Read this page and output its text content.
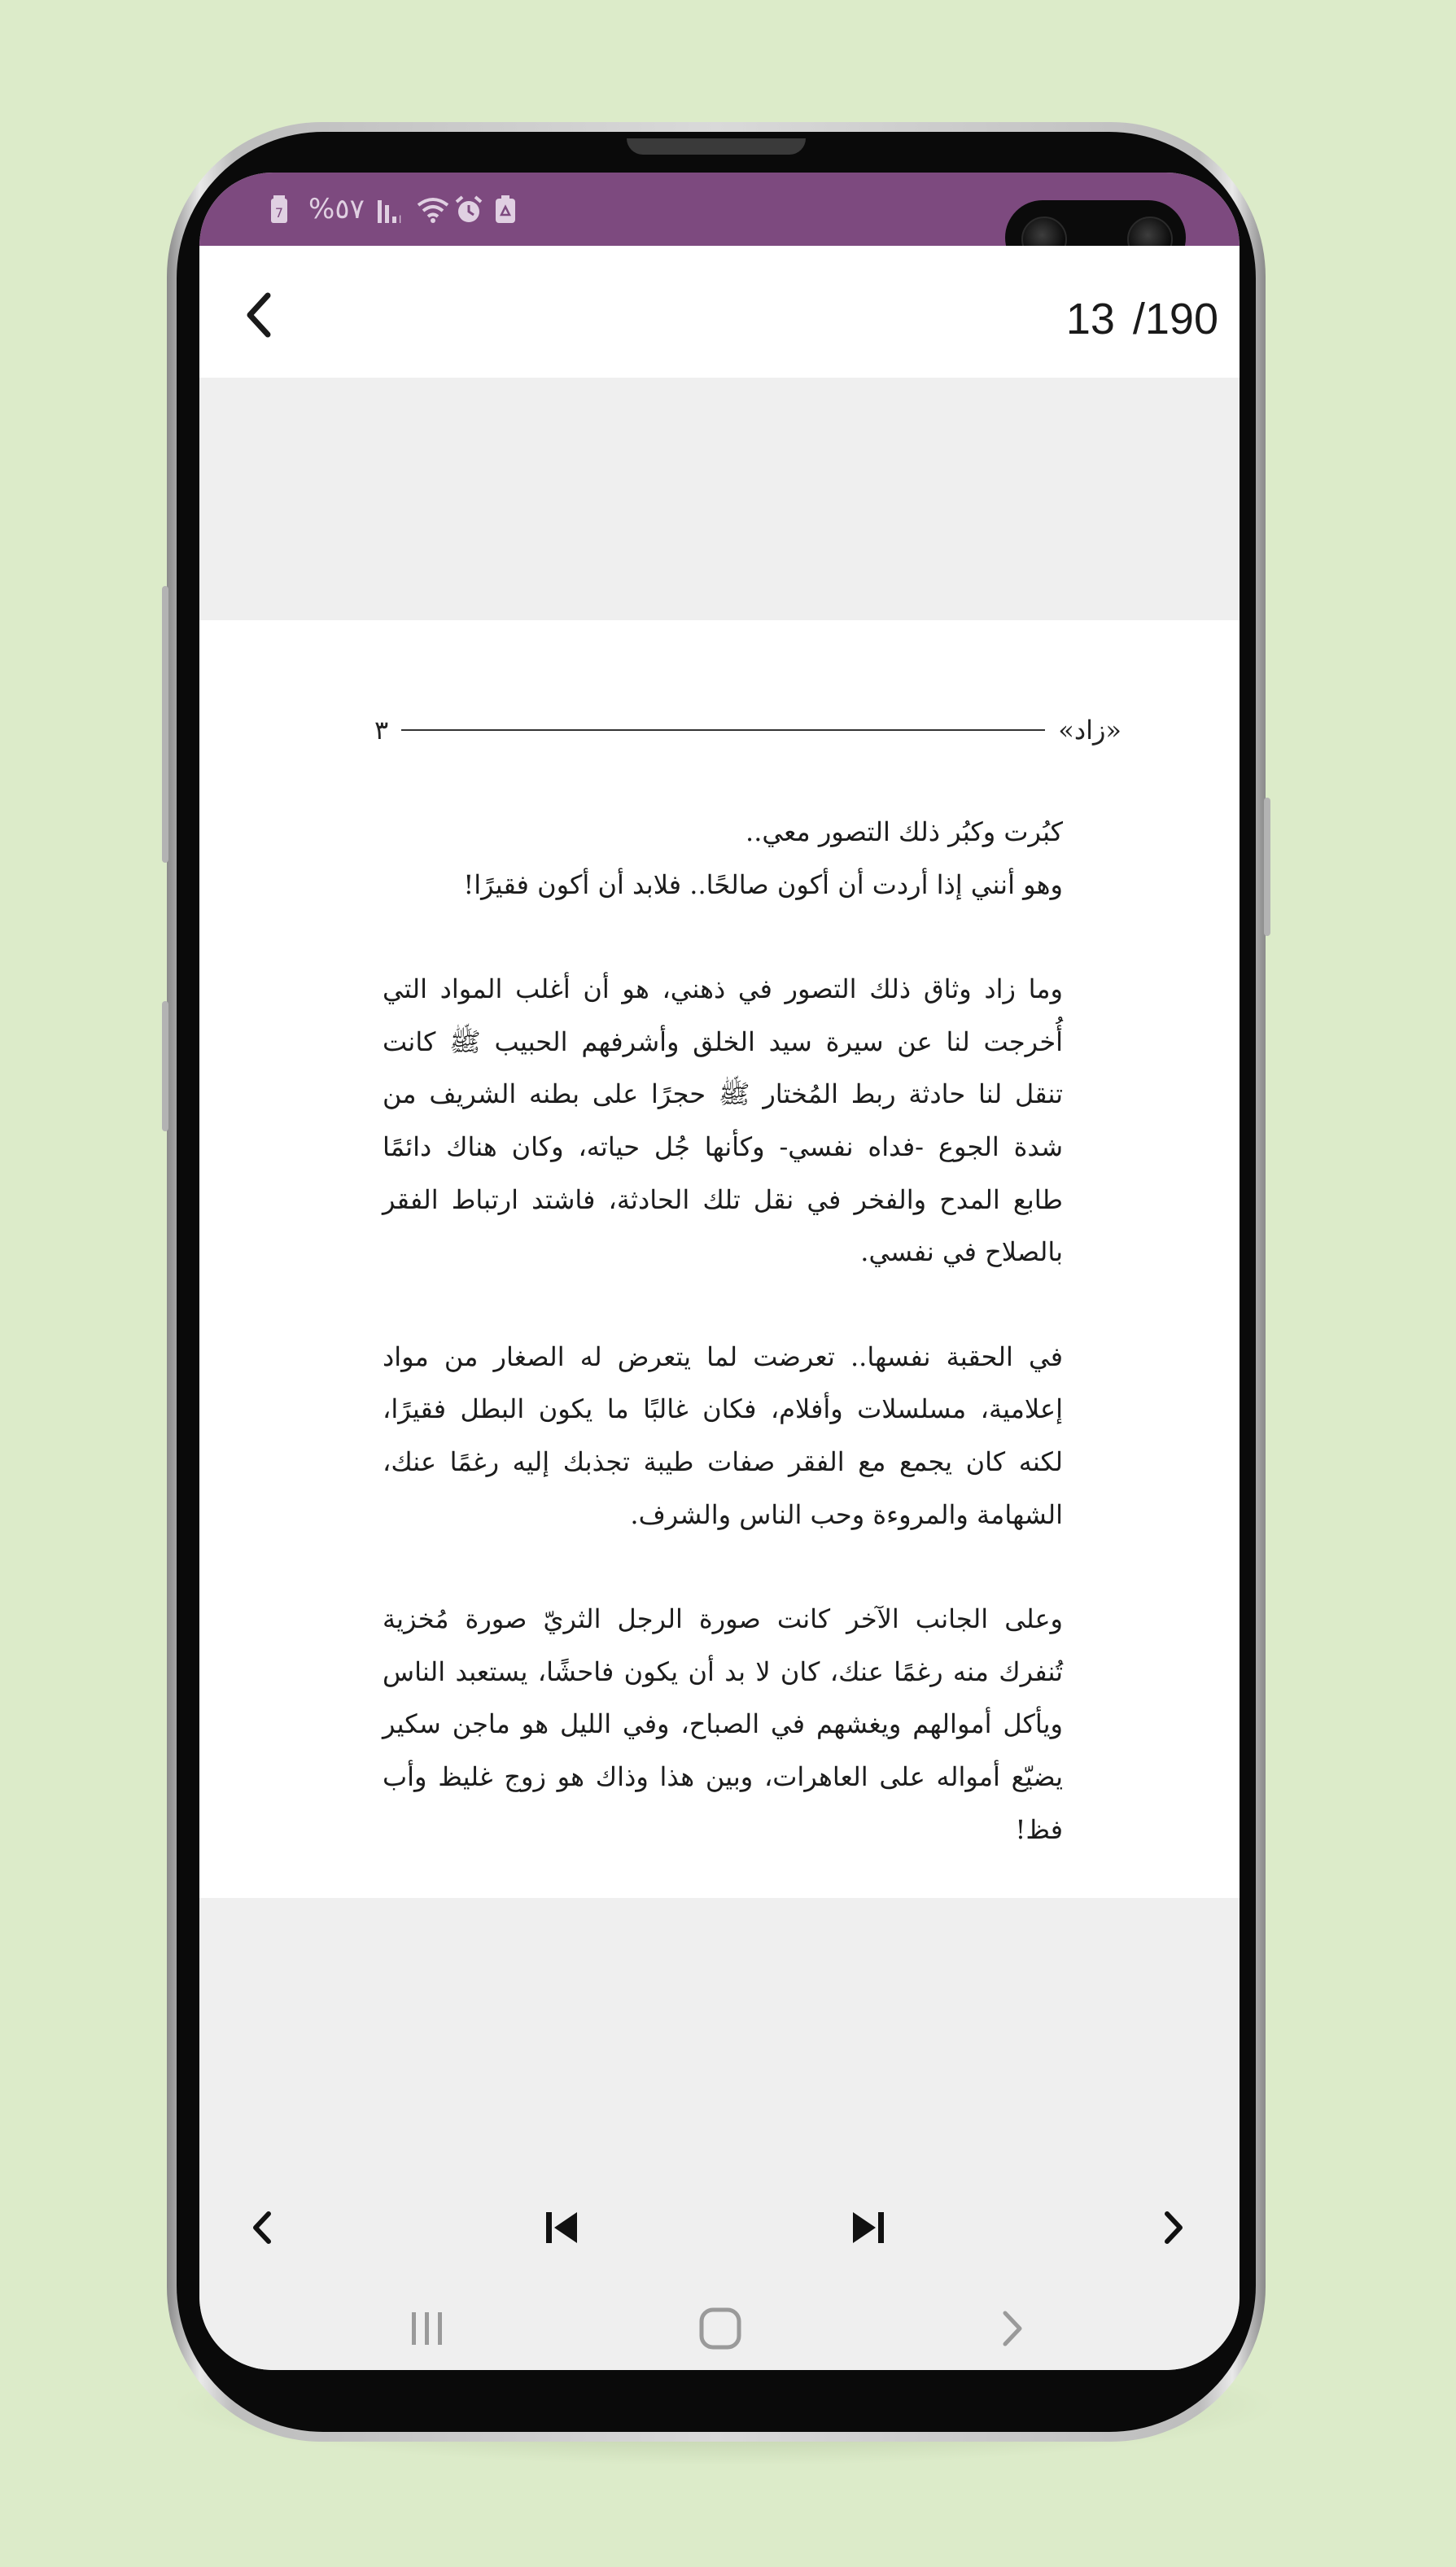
7 %٥٧	l
13 /190
«زاد»
٣

كبُرت وكبُر ذلك التصور معي..
وهو أنني إذا أردت أن أكون صالحًا.. فلابد أن أكون فقيرًا!

وما زاد وثاق ذلك التصور في ذهني، هو أن أغلب المواد التي أُخرجت لنا عن سيرة سيد الخلق وأشرفهم الحبيب ﷺ كانت تنقل لنا حادثة ربط المُختار ﷺ حجرًا على بطنه الشريف من شدة الجوع -فداه نفسي- وكأنها جُل حياته، وكان هناك دائمًا طابع المدح والفخر في نقل تلك الحادثة، فاشتد ارتباط الفقر بالصلاح في نفسي.

في الحقبة نفسها.. تعرضت لما يتعرض له الصغار من مواد إعلامية، مسلسلات وأفلام، فكان غالبًا ما يكون البطل فقيرًا، لكنه كان يجمع مع الفقر صفات طيبة تجذبك إليه رغمًا عنك، الشهامة والمروءة وحب الناس والشرف.

وعلى الجانب الآخر كانت صورة الرجل الثريّ صورة مُخزية تُنفرك منه رغمًا عنك، كان لا بد أن يكون فاحشًا، يستعبد الناس ويأكل أموالهم ويغشهم في الصباح، وفي الليل هو ماجن سكير يضيّع أمواله على العاهرات، وبين هذا وذاك هو زوج غليظ وأب فظ!
